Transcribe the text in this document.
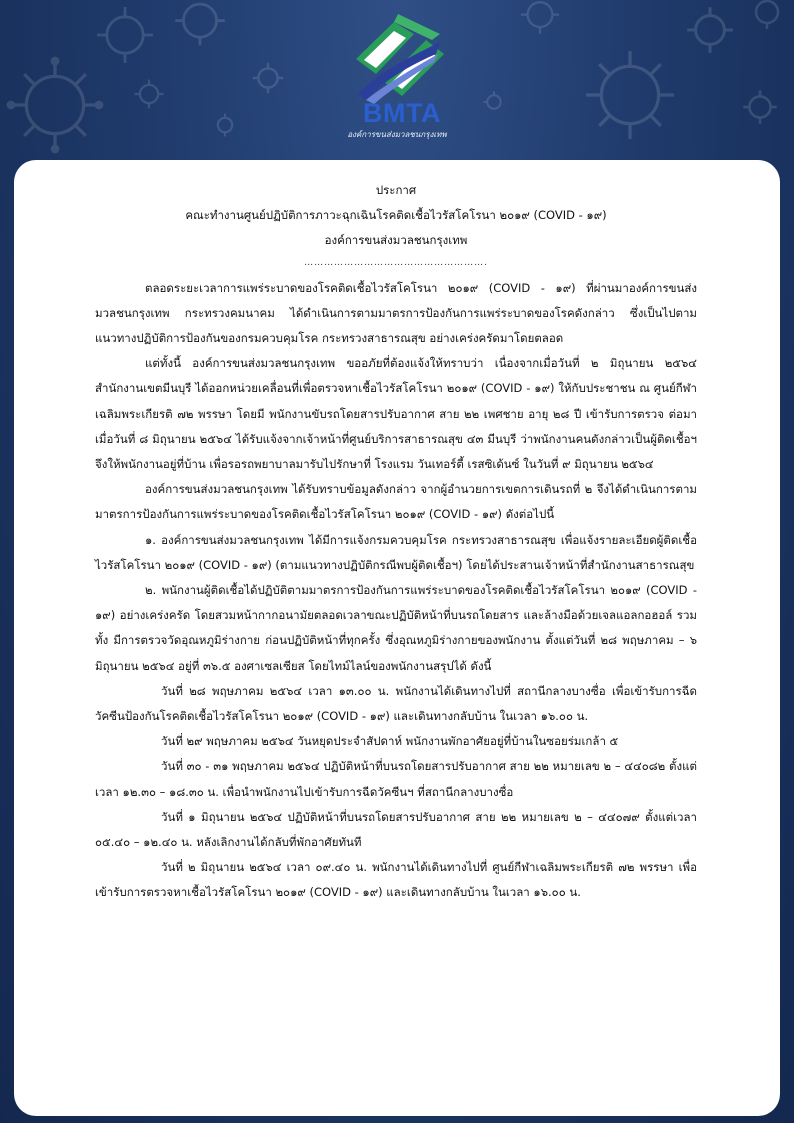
BMTA
องค์การขนส่งมวลชนกรุงเทพ
ประกาศ
คณะทำงานศูนย์ปฏิบัติการภาวะฉุกเฉินโรคติดเชื้อไวรัสโคโรนา ๒๐๑๙ (COVID - ๑๙)
องค์การขนส่งมวลชนกรุงเทพ
……………………………………………….
ตลอดระยะเวลาการแพร่ระบาดของโรคติดเชื้อไวรัสโคโรนา ๒๐๑๙ (COVID - ๑๙) ที่ผ่านมาองค์การขนส่งมวลชนกรุงเทพ กระทรวงคมนาคม ได้ดำเนินการตามมาตรการป้องกันการแพร่ระบาดของโรคดังกล่าว ซึ่งเป็นไปตามแนวทางปฏิบัติการป้องกันของกรมควบคุมโรค กระทรวงสาธารณสุข อย่างเคร่งครัดมาโดยตลอด
แต่ทั้งนี้ องค์การขนส่งมวลชนกรุงเทพ ขออภัยที่ต้องแจ้งให้ทราบว่า เนื่องจากเมื่อวันที่ ๒ มิถุนายน ๒๕๖๔ สำนักงานเขตมีนบุรี ได้ออกหน่วยเคลื่อนที่เพื่อตรวจหาเชื้อไวรัสโคโรนา ๒๐๑๙ (COVID - ๑๙) ให้กับประชาชน ณ ศูนย์กีฬาเฉลิมพระเกียรติ ๗๒ พรรษา โดยมี พนักงานขับรถโดยสารปรับอากาศ สาย ๒๒ เพศชาย อายุ ๒๘ ปี เข้ารับการตรวจ ต่อมาเมื่อวันที่ ๘ มิถุนายน ๒๕๖๔ ได้รับแจ้งจากเจ้าหน้าที่ศูนย์บริการสาธารณสุข ๔๓ มีนบุรี ว่าพนักงานคนดังกล่าวเป็นผู้ติดเชื้อฯ จึงให้พนักงานอยู่ที่บ้าน เพื่อรอรถพยาบาลมารับไปรักษาที่ โรงแรม วันเทอร์ตี้ เรสซิเด้นซ์ ในวันที่ ๙ มิถุนายน ๒๕๖๔
องค์การขนส่งมวลชนกรุงเทพ ได้รับทราบข้อมูลดังกล่าว จากผู้อำนวยการเขตการเดินรถที่ ๒ จึงได้ดำเนินการตามมาตรการป้องกันการแพร่ระบาดของโรคติดเชื้อไวรัสโคโรนา ๒๐๑๙ (COVID - ๑๙) ดังต่อไปนี้
๑. องค์การขนส่งมวลชนกรุงเทพ ได้มีการแจ้งกรมควบคุมโรค กระทรวงสาธารณสุข เพื่อแจ้งรายละเอียดผู้ติดเชื้อไวรัสโคโรนา ๒๐๑๙ (COVID - ๑๙) (ตามแนวทางปฏิบัติกรณีพบผู้ติดเชื้อฯ) โดยได้ประสานเจ้าหน้าที่สำนักงานสาธารณสุข
๒. พนักงานผู้ติดเชื้อได้ปฏิบัติตามมาตรการป้องกันการแพร่ระบาดของโรคติดเชื้อไวรัสโคโรนา ๒๐๑๙ (COVID - ๑๙) อย่างเคร่งครัด โดยสวมหน้ากากอนามัยตลอดเวลาขณะปฏิบัติหน้าที่บนรถโดยสาร และล้างมือด้วยเจลแอลกอฮอล์ รวมทั้ง มีการตรวจวัดอุณหภูมิร่างกาย ก่อนปฏิบัติหน้าที่ทุกครั้ง ซึ่งอุณหภูมิร่างกายของพนักงาน ตั้งแต่วันที่ ๒๘ พฤษภาคม – ๖ มิถุนายน ๒๕๖๔ อยู่ที่ ๓๖.๕ องศาเซลเซียส โดยไทม์ไลน์ของพนักงานสรุปได้ ดังนี้
วันที่ ๒๘ พฤษภาคม ๒๕๖๔ เวลา ๑๓.๐๐ น. พนักงานได้เดินทางไปที่ สถานีกลางบางซื่อ เพื่อเข้ารับการฉีดวัคซีนป้องกันโรคติดเชื้อไวรัสโคโรนา ๒๐๑๙ (COVID - ๑๙) และเดินทางกลับบ้าน ในเวลา ๑๖.๐๐ น.
วันที่ ๒๙ พฤษภาคม ๒๕๖๔ วันหยุดประจำสัปดาห์ พนักงานพักอาศัยอยู่ที่บ้านในซอยร่มเกล้า ๕
วันที่ ๓๐ - ๓๑ พฤษภาคม ๒๕๖๔ ปฏิบัติหน้าที่บนรถโดยสารปรับอากาศ สาย ๒๒ หมายเลข ๒ – ๔๔๐๘๒ ตั้งแต่เวลา ๑๒.๓๐ – ๑๘.๓๐ น. เพื่อนำพนักงานไปเข้ารับการฉีดวัคซีนฯ ที่สถานีกลางบางซื่อ
วันที่ ๑ มิถุนายน ๒๕๖๔ ปฏิบัติหน้าที่บนรถโดยสารปรับอากาศ สาย ๒๒ หมายเลข ๒ – ๔๔๐๗๙ ตั้งแต่เวลา ๐๕.๔๐ – ๑๒.๔๐ น. หลังเลิกงานได้กลับที่พักอาศัยทันที
วันที่ ๒ มิถุนายน ๒๕๖๔ เวลา ๐๙.๔๐ น. พนักงานได้เดินทางไปที่ ศูนย์กีฬาเฉลิมพระเกียรติ ๗๒ พรรษา เพื่อเข้ารับการตรวจหาเชื้อไวรัสโคโรนา ๒๐๑๙ (COVID - ๑๙) และเดินทางกลับบ้าน ในเวลา ๑๖.๐๐ น.
